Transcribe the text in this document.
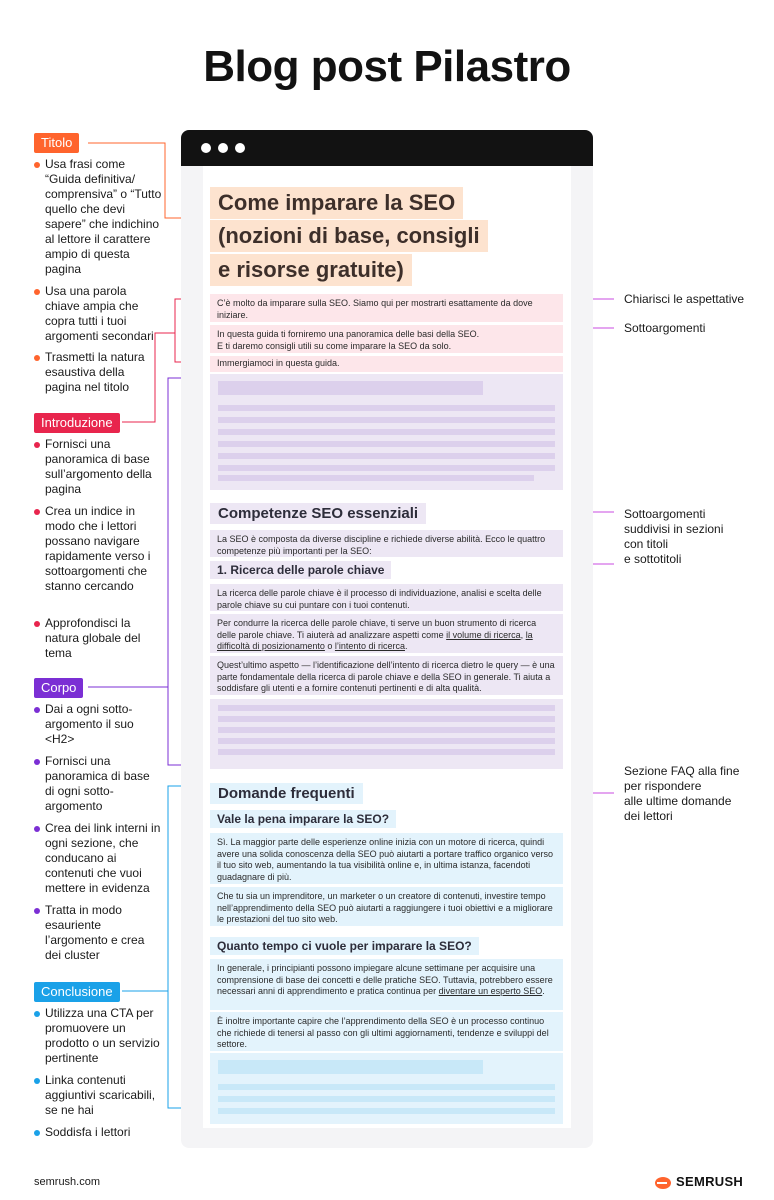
Blog post Pilastro
Titolo
Usa frasi come “Guida definitiva/ comprensiva” o “Tutto quello che devi sapere” che indichino al lettore il carattere ampio di questa pagina
Usa una parola chiave ampia che copra tutti i tuoi argomenti secondari
Trasmetti la natura esaustiva della pagina nel titolo
Introduzione
Fornisci una panoramica di base sull’argomento della pagina
Crea un indice in modo che i lettori possano navigare rapidamente verso i sottoargomenti che stanno cercando
Approfondisci la natura globale del tema
Corpo
Dai a ogni sotto-argomento il suo <H2>
Fornisci una panoramica di base di ogni sotto-argomento
Crea dei link interni in ogni sezione, che conducano ai contenuti che vuoi mettere in evidenza
Tratta in modo esauriente l’argomento e crea dei cluster
Conclusione
Utilizza una CTA per promuovere un prodotto o un servizio pertinente
Linka contenuti aggiuntivi scaricabili, se ne hai
Soddisfa i lettori
Come imparare la SEO
(nozioni di base, consigli
e risorse gratuite)
C’è molto da imparare sulla SEO. Siamo qui per mostrarti esattamente da dove iniziare.
In questa guida ti forniremo una panoramica delle basi della SEO.
E ti daremo consigli utili su come imparare la SEO da solo.
Immergiamoci in questa guida.
Competenze SEO essenziali
La SEO è composta da diverse discipline e richiede diverse abilità. Ecco le quattro competenze più importanti per la SEO:
1. Ricerca delle parole chiave
La ricerca delle parole chiave è il processo di individuazione, analisi e scelta delle parole chiave su cui puntare con i tuoi contenuti.
Per condurre la ricerca delle parole chiave, ti serve un buon strumento di ricerca delle parole chiave. Ti aiuterà ad analizzare aspetti come il volume di ricerca, la difficoltà di posizionamento o l’intento di ricerca.
Quest’ultimo aspetto — l’identificazione dell’intento di ricerca dietro le query — è una parte fondamentale della ricerca di parole chiave e della SEO in generale. Ti aiuta a soddisfare gli utenti e a fornire contenuti pertinenti e di alta qualità.
Domande frequenti
Vale la pena imparare la SEO?
Sì. La maggior parte delle esperienze online inizia con un motore di ricerca, quindi avere una solida conoscenza della SEO può aiutarti a portare traffico organico verso il tuo sito web, aumentando la tua visibilità online e, in ultima istanza, facendoti guadagnare di più.
Che tu sia un imprenditore, un marketer o un creatore di contenuti, investire tempo nell’apprendimento della SEO può aiutarti a raggiungere i tuoi obiettivi e a migliorare le prestazioni del tuo sito web.
Quanto tempo ci vuole per imparare la SEO?
In generale, i principianti possono impiegare alcune settimane per acquisire una comprensione di base dei concetti e delle pratiche SEO. Tuttavia, potrebbero essere necessari anni di apprendimento e pratica continua per diventare un esperto SEO.
È inoltre importante capire che l’apprendimento della SEO è un processo continuo che richiede di tenersi al passo con gli ultimi aggiornamenti, tendenze e sviluppi del settore.
Chiarisci le aspettative
Sottoargomenti
Sottoargomenti
suddivisi in sezioni
con titoli
e sottotitoli
Sezione FAQ alla fine
per rispondere
alle ultime domande
dei lettori
semrush.com	SEMRUSH
